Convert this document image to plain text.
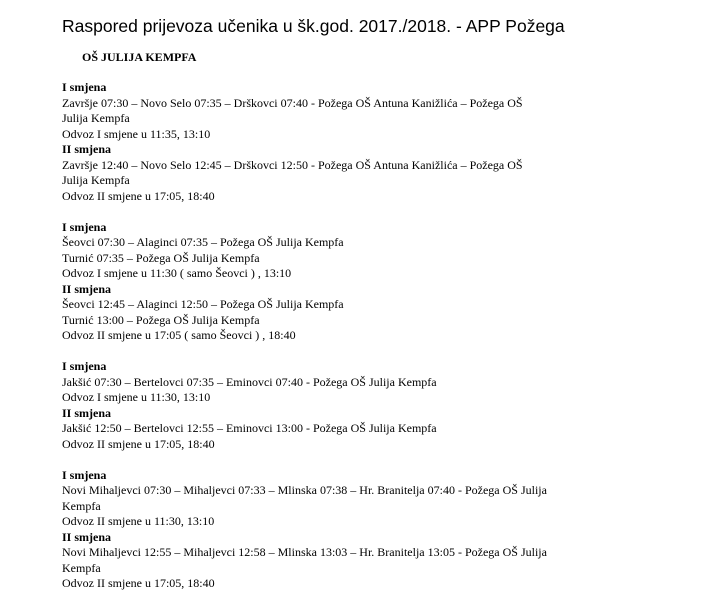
Raspored prijevoza učenika u šk.god. 2017./2018. - APP Požega
OŠ JULIJA KEMPFA
I smjena
Završje 07:30 – Novo Selo 07:35 – Drškovci 07:40 - Požega OŠ Antuna Kanižlića – Požega OŠ
Julija Kempfa
Odvoz I smjene u 11:35, 13:10
II smjena
Završje 12:40 – Novo Selo 12:45 – Drškovci 12:50 - Požega OŠ Antuna Kanižlića – Požega OŠ
Julija Kempfa
Odvoz II smjene u 17:05, 18:40
I smjena
Šeovci 07:30 – Alaginci 07:35 – Požega OŠ Julija Kempfa
Turnić 07:35 – Požega OŠ Julija Kempfa
Odvoz I smjene u 11:30 ( samo Šeovci ) , 13:10
II smjena
Šeovci 12:45 – Alaginci 12:50 – Požega OŠ Julija Kempfa
Turnić 13:00 – Požega OŠ Julija Kempfa
Odvoz II smjene u 17:05 ( samo Šeovci ) , 18:40
I smjena
Jakšić 07:30 – Bertelovci 07:35 – Eminovci 07:40 - Požega OŠ Julija Kempfa
Odvoz I smjene u 11:30, 13:10
II smjena
Jakšić 12:50 – Bertelovci 12:55 – Eminovci 13:00 - Požega OŠ Julija Kempfa
Odvoz II smjene u 17:05, 18:40
I smjena
Novi Mihaljevci 07:30 – Mihaljevci 07:33 – Mlinska 07:38 – Hr. Branitelja 07:40 - Požega OŠ Julija
Kempfa
Odvoz II smjene u 11:30, 13:10
II smjena
Novi Mihaljevci 12:55 – Mihaljevci 12:58 – Mlinska 13:03 – Hr. Branitelja 13:05 - Požega OŠ Julija
Kempfa
Odvoz II smjene u 17:05, 18:40
